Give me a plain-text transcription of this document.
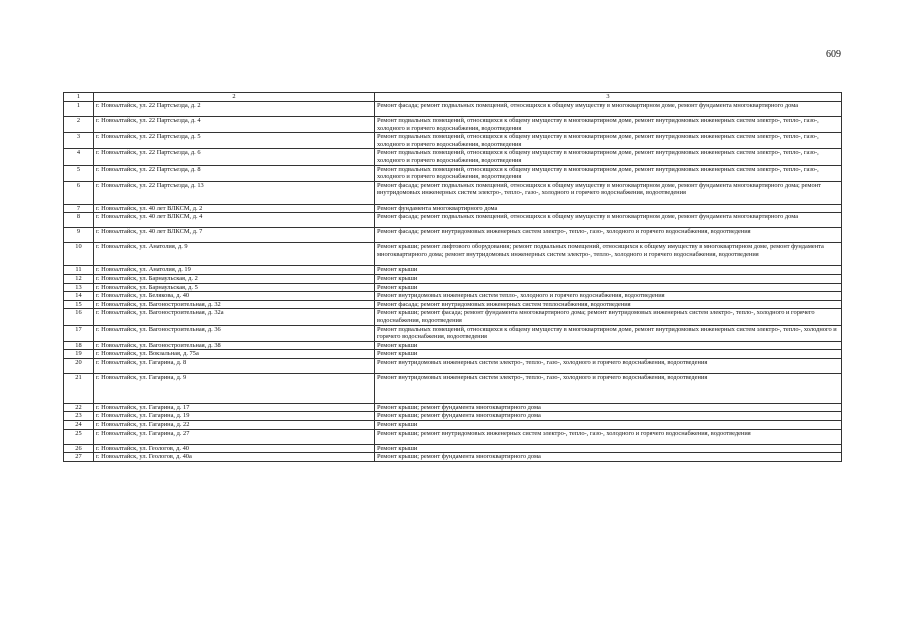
609
1	2	3
1	г. Новоалтайск, ул. 22 Партсъезда, д. 2	Ремонт фасада; ремонт подвальных помещений, относящихся к общему имуществу в многоквартирном доме, ремонт фундамента многоквартирного дома
2	г. Новоалтайск, ул. 22 Партсъезда, д. 4	Ремонт подвальных помещений, относящихся к общему имуществу в многоквартирном доме, ремонт внутридомовых инженерных систем электро-, тепло-, газо-, холодного и горячего водоснабжения, водоотведения
3	г. Новоалтайск, ул. 22 Партсъезда, д. 5	Ремонт подвальных помещений, относящихся к общему имуществу в многоквартирном доме, ремонт внутридомовых инженерных систем электро-, тепло-, газо-, холодного и горячего водоснабжения, водоотведения
4	г. Новоалтайск, ул. 22 Партсъезда, д. 6	Ремонт подвальных помещений, относящихся к общему имуществу в многоквартирном доме, ремонт внутридомовых инженерных систем электро-, тепло-, газо-, холодного и горячего водоснабжения, водоотведения
5	г. Новоалтайск, ул. 22 Партсъезда, д. 8	Ремонт подвальных помещений, относящихся к общему имуществу в многоквартирном доме, ремонт внутридомовых инженерных систем электро-, тепло-, газо-, холодного и горячего водоснабжения, водоотведения
6	г. Новоалтайск, ул. 22 Партсъезда, д. 13	Ремонт фасада; ремонт подвальных помещений, относящихся к общему имуществу в многоквартирном доме, ремонт фундамента многоквартирного дома; ремонт внутридомовых инженерных систем электро-, тепло-, газо-, холодного и горячего водоснабжения, водоотведения
7	г. Новоалтайск, ул. 40 лет ВЛКСМ, д. 2	Ремонт фундамента многоквартирного дома
8	г. Новоалтайск, ул. 40 лет ВЛКСМ, д. 4	Ремонт фасада; ремонт подвальных помещений, относящихся к общему имуществу в многоквартирном доме, ремонт фундамента многоквартирного дома
9	г. Новоалтайск, ул. 40 лет ВЛКСМ, д. 7	Ремонт фасада; ремонт внутридомовых инженерных систем электро-, тепло-, газо-, холодного и горячего водоснабжения, водоотведения
10	г. Новоалтайск, ул. Анатолия, д. 9	Ремонт крыши; ремонт лифтового оборудования; ремонт подвальных помещений, относящихся к общему имуществу в многоквартирном доме, ремонт фундамента многоквартирного дома; ремонт внутридомовых инженерных систем электро-, тепло-, холодного и горячего водоснабжения, водоотведения
11	г. Новоалтайск, ул. Анатолия, д. 19	Ремонт крыши
12	г. Новоалтайск, ул. Барнаульская, д. 2	Ремонт крыши
13	г. Новоалтайск, ул. Барнаульская, д. 5	Ремонт крыши
14	г. Новоалтайск, ул. Белякова, д. 40	Ремонт внутридомовых инженерных систем тепло-, холодного и горячего водоснабжения, водоотведения
15	г. Новоалтайск, ул. Вагоностроительная, д. 32	Ремонт фасада; ремонт внутридомовых инженерных систем теплоснабжения, водоотведения
16	г. Новоалтайск, ул. Вагоностроительная, д. 32а	Ремонт крыши; ремонт фасада; ремонт фундамента многоквартирного дома; ремонт внутридомовых инженерных систем электро-, тепло-, холодного и горячего водоснабжения, водоотведения
17	г. Новоалтайск, ул. Вагоностроительная, д. 36	Ремонт подвальных помещений, относящихся к общему имуществу в многоквартирном доме, ремонт внутридомовых инженерных систем электро-, тепло-, холодного и горячего водоснабжения, водоотведения
18	г. Новоалтайск, ул. Вагоностроительная, д. 38	Ремонт крыши
19	г. Новоалтайск, ул. Вокзальная, д. 75а	Ремонт крыши
20	г. Новоалтайск, ул. Гагарина, д. 8	Ремонт внутридомовых инженерных систем электро-, тепло-, газо-, холодного и горячего водоснабжения, водоотведения
21	г. Новоалтайск, ул. Гагарина, д. 9	Ремонт внутридомовых инженерных систем электро-, тепло-, газо-, холодного и горячего водоснабжения, водоотведения
22	г. Новоалтайск, ул. Гагарина, д. 17	Ремонт крыши; ремонт фундамента многоквартирного дома
23	г. Новоалтайск, ул. Гагарина, д. 19	Ремонт крыши; ремонт фундамента многоквартирного дома
24	г. Новоалтайск, ул. Гагарина, д. 22	Ремонт крыши
25	г. Новоалтайск, ул. Гагарина, д. 27	Ремонт крыши; ремонт внутридомовых инженерных систем электро-, тепло-, газо-, холодного и горячего водоснабжения, водоотведения
26	г. Новоалтайск, ул. Геологов, д. 40	Ремонт крыши
27	г. Новоалтайск, ул. Геологов, д. 40а	Ремонт крыши; ремонт фундамента многоквартирного дома
